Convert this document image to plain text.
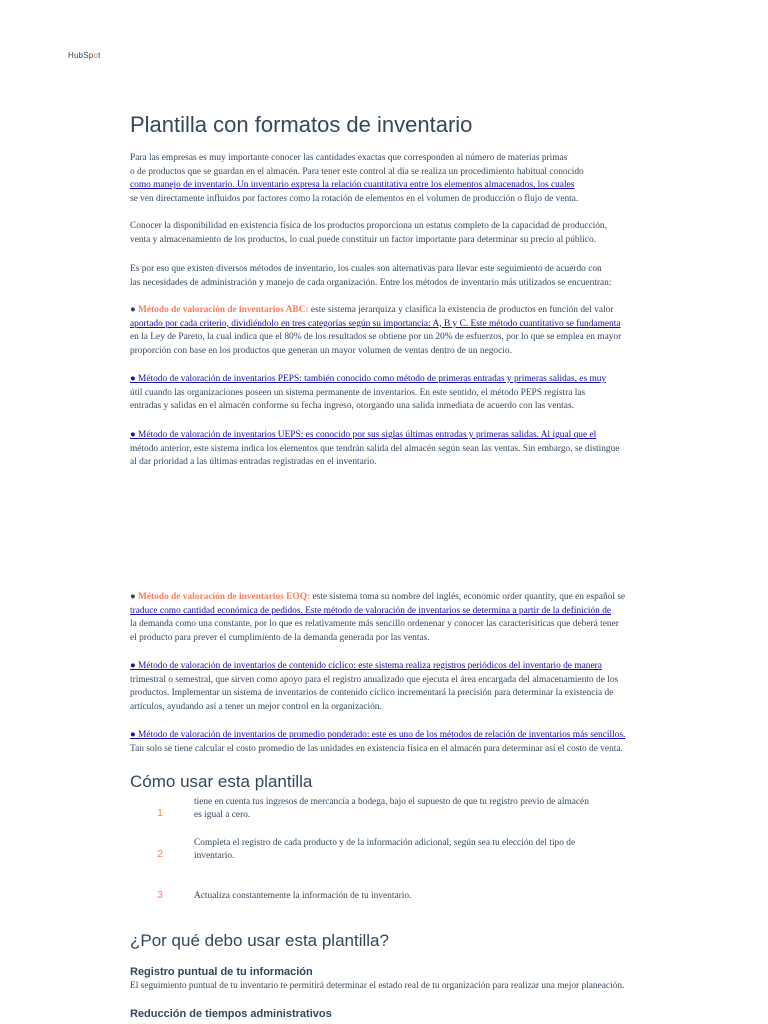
HubSpot
Plantilla con formatos de inventario
Para las empresas es muy importante conocer las cantidades exactas que corresponden al número de materias primas
o de productos que se guardan en el almacén. Para tener este control al día se realiza un procedimiento habitual conocido
como manejo de inventario. Un inventario expresa la relación cuantitativa entre los elementos almacenados, los cuales
se ven directamente influidos por factores como la rotación de elementos en el volumen de producción o flujo de venta.
Conocer la disponibilidad en existencia física de los productos proporciona un estatus completo de la capacidad de producción,
venta y almacenamiento de los productos, lo cual puede constituir un factor importante para determinar su precio al público.
Es por eso que existen diversos métodos de inventario, los cuales son alternativas para llevar este seguimiento de acuerdo con
las necesidades de administración y manejo de cada organización. Entre los métodos de inventario más utilizados se encuentran:
● Método de valoración de inventarios ABC: este sistema jerarquiza y clasifica la existencia de productos en función del valor
aportado por cada criterio, dividiéndolo en tres categorías según su importancia: A, B y C. Este método cuantitativo se fundamenta
en la Ley de Pareto, la cual indica que el 80% de los resultados se obtiene por un 20% de esfuerzos, por lo que se emplea en mayor
proporción con base en los productos que generan un mayor volumen de ventas dentro de un negocio.
● Método de valoración de inventarios PEPS: también conocido como método de primeras entradas y primeras salidas, es muy
útil cuando las organizaciones poseen un sistema permanente de inventarios. En este sentido, el método PEPS registra las
entradas y salidas en el almacén conforme su fecha ingreso, otorgando una salida inmediata de acuerdo con las ventas.
● Método de valoración de inventarios UEPS: es conocido por sus siglas últimas entradas y primeras salidas. Al igual que el
método anterior, este sistema indica los elementos que tendrán salida del almacén según sean las ventas. Sin embargo, se distingue
al dar prioridad a las últimas entradas registradas en el inventario.
● Método de valoración de inventarios EOQ: este sistema toma su nombre del inglés, economic order quantity, que en español se
traduce como cantidad económica de pedidos. Este método de valoración de inventarios se determina a partir de la definición de
la demanda como una constante, por lo que es relativamente más sencillo ordenenar y conocer las caracterísiticas que deberá tener
el producto para prever el cumplimiento de la demanda generada por las ventas.
● Método de valoración de inventarios de contenido cíclico: este sistema realiza registros periódicos del inventario de manera
trimestral o semestral, que sirven como apoyo para el registro anualizado que ejecuta el área encargada del almacenamiento de los
productos. Implementar un sistema de inventarios de contenido cíclico incrementará la precisión para determinar la existencia de
artículos, ayudando así a tener un mejor control en la organización.
● Método de valoración de inventarios de promedio ponderado: este es uno de los métodos de relación de inventarios más sencillos.
Tan solo se tiene calcular el costo promedio de las unidades en existencia física en el almacén para determinar así el costo de venta.
Cómo usar esta plantilla
1
tiene en cuenta tus ingresos de mercancía a bodega, bajo el supuesto de que tu registro previo de almacén
es igual a cero.
2
Completa el registro de cada producto y de la información adicional, según sea tu elección del tipo de
inventario.
3	Actualiza constantemente la información de tu inventario.
¿Por qué debo usar esta plantilla?
Registro puntual de tu información
El seguimiento puntual de tu inventario te permitirá determinar el estado real de tu organización para realizar una mejor planeación.
Reducción de tiempos administrativos
